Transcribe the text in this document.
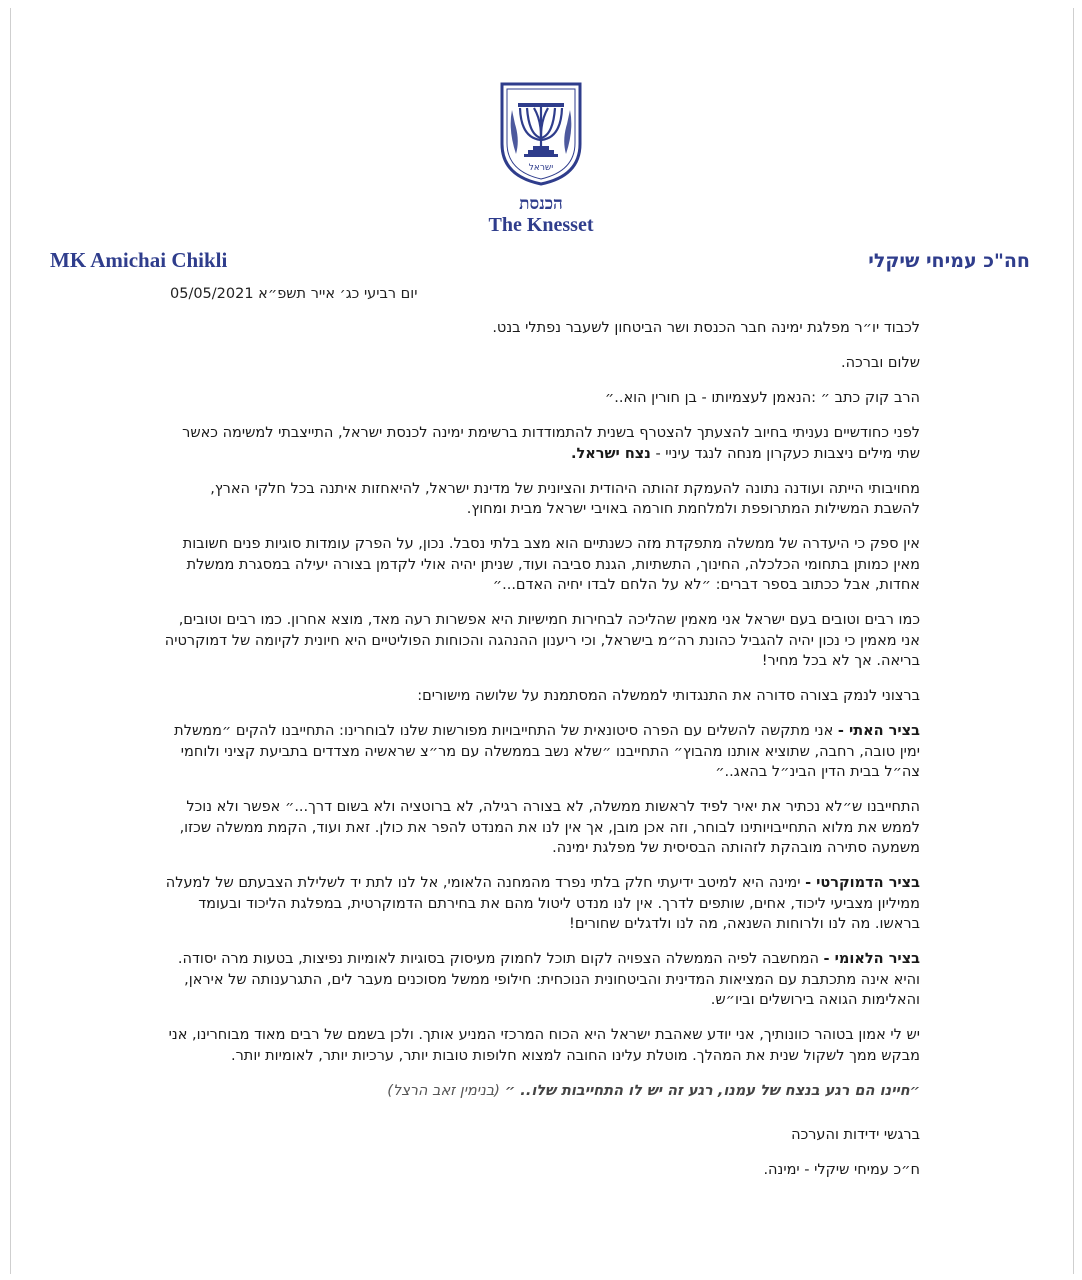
ישראל
הכנסת
The Knesset
MK Amichai Chikli	חה"כ עמיחי שיקלי
יום רביעי כג׳ אייר תשפ״א 05/05/2021

לכבוד יו״ר מפלגת ימינה חבר הכנסת ושר הביטחון לשעבר נפתלי בנט.

שלום וברכה.

הרב קוק כתב ״ :הנאמן לעצמיותו - בן חורין הוא..״

לפני כחודשיים נעניתי בחיוב להצעתך להצטרף בשנית להתמודדות ברשימת ימינה לכנסת ישראל, התייצבתי למשימה כאשר שתי מילים ניצבות כעקרון מנחה לנגד עיניי - נצח ישראל.

מחויבותי הייתה ועודנה נתונה להעמקת זהותה היהודית והציונית של מדינת ישראל, להיאחזות איתנה בכל חלקי הארץ, להשבת המשילות המתרופפת ולמלחמת חורמה באויבי ישראל מבית ומחוץ.

אין ספק כי היעדרה של ממשלה מתפקדת מזה כשנתיים הוא מצב בלתי נסבל. נכון, על הפרק עומדות סוגיות פנים חשובות מאין כמותן בתחומי הכלכלה, החינוך, התשתיות, הגנת סביבה ועוד, שניתן יהיה אולי לקדמן בצורה יעילה במסגרת ממשלת אחדות, אבל ככתוב בספר דברים: ״לא על הלחם לבדו יחיה האדם...״

כמו רבים וטובים בעם ישראל אני מאמין שהליכה לבחירות חמישיות היא אפשרות רעה מאד, מוצא אחרון. כמו רבים וטובים, אני מאמין כי נכון יהיה להגביל כהונת רה״מ בישראל, וכי ריענון ההנהגה והכוחות הפוליטיים היא חיונית לקיומה של דמוקרטיה בריאה. אך לא בכל מחיר!

ברצוני לנמק בצורה סדורה את התנגדותי לממשלה המסתמנת על שלושה מישורים:

בציר האתי - אני מתקשה להשלים עם הפרה סיטונאית של התחייבויות מפורשות שלנו לבוחרינו: התחייבנו להקים ״ממשלת ימין טובה, רחבה, שתוציא אותנו מהבוץ״ התחייבנו ״שלא נשב בממשלה עם מר״צ שראשיה מצדדים בתביעת קציני ולוחמי צה״ל בבית הדין הבינ״ל בהאג..״

התחייבנו ש״לא נכתיר את יאיר לפיד לראשות ממשלה, לא בצורה רגילה, לא ברוטציה ולא בשום דרך...״ אפשר ולא נוכל לממש את מלוא התחייבויותינו לבוחר, וזה אכן מובן, אך אין לנו את המנדט להפר את כולן. זאת ועוד, הקמת ממשלה שכזו, משמעה סתירה מובהקת לזהותה הבסיסית של מפלגת ימינה.

בציר הדמוקרטי - ימינה היא למיטב ידיעתי חלק בלתי נפרד מהמחנה הלאומי, אל לנו לתת יד לשלילת הצבעתם של למעלה ממיליון מצביעי ליכוד, אחים, שותפים לדרך. אין לנו מנדט ליטול מהם את בחירתם הדמוקרטית, במפלגת הליכוד ובעומד בראשו. מה לנו ולרוחות השנאה, מה לנו ולדגלים שחורים!

בציר הלאומי - המחשבה לפיה הממשלה הצפויה לקום תוכל לחמוק מעיסוק בסוגיות לאומיות נפיצות, בטעות מרה יסודה. והיא אינה מתכתבת עם המציאות המדינית והביטחונית הנוכחית: חילופי ממשל מסוכנים מעבר לים, התגרענותה של איראן, והאלימות הגואה בירושלים וביו״ש.

יש לי אמון בטוהר כוונותיך, אני יודע שאהבת ישראל היא הכוח המרכזי המניע אותך. ולכן בשמם של רבים מאוד מבוחרינו, אני מבקש ממך לשקול שנית את המהלך. מוטלת עלינו החובה למצוא חלופות טובות יותר, ערכיות יותר, לאומיות יותר.

״חיינו הם רגע בנצח של עמנו, רגע זה יש לו התחייבות שלו.. ״ (בנימין זאב הרצל)

ברגשי ידידות והערכה

ח״כ עמיחי שיקלי - ימינה.
